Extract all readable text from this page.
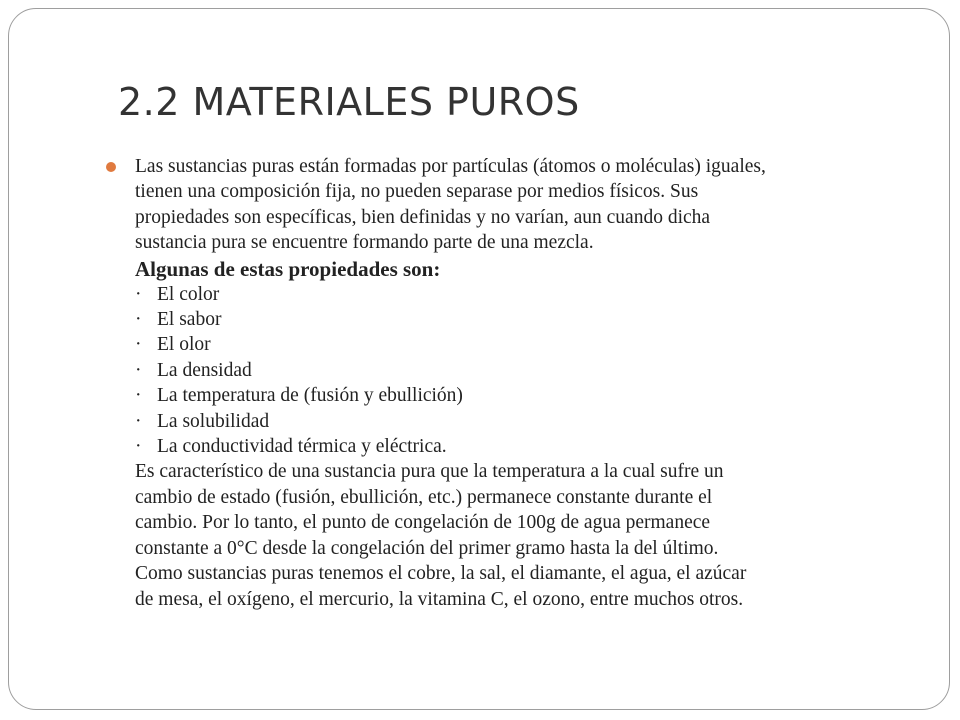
2.2 MATERIALES PUROS
Las sustancias puras están formadas por partículas (átomos o moléculas) iguales,
tienen una composición fija, no pueden separase por medios físicos. Sus
propiedades son específicas, bien definidas y no varían, aun cuando dicha
sustancia pura se encuentre formando parte de una mezcla.
Algunas de estas propiedades son:
· El color
· El sabor
· El olor
· La densidad
· La temperatura de (fusión y ebullición)
· La solubilidad
· La conductividad térmica y eléctrica.
Es característico de una sustancia pura que la temperatura a la cual sufre un
cambio de estado (fusión, ebullición, etc.) permanece constante durante el
cambio. Por lo tanto, el punto de congelación de 100g de agua permanece
constante a 0°C desde la congelación del primer gramo hasta la del último.
Como sustancias puras tenemos el cobre, la sal, el diamante, el agua, el azúcar
de mesa, el oxígeno, el mercurio, la vitamina C, el ozono, entre muchos otros.
